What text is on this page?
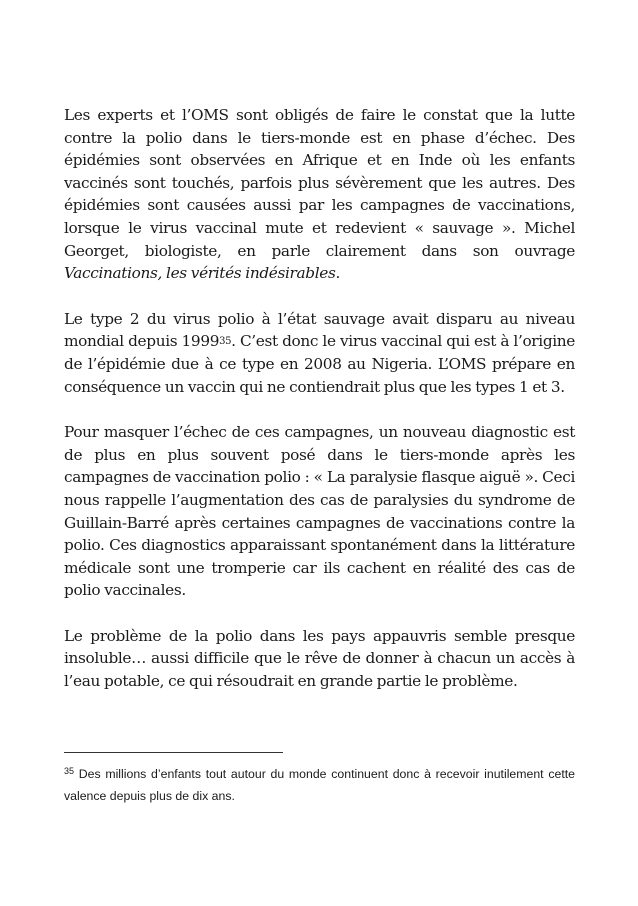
Les experts et l’OMS sont obligés de faire le constat que la lutte contre la polio dans le tiers-monde est en phase d’échec. Des épidémies sont observées en Afrique et en Inde où les enfants vaccinés sont touchés, parfois plus sévèrement que les autres. Des épidémies sont causées aussi par les campagnes de vaccinations, lorsque le virus vaccinal mute et redevient « sauvage ». Michel Georget, biologiste, en parle clairement dans son ouvrage Vaccinations, les vérités indésirables.

Le type 2 du virus polio à l’état sauvage avait disparu au niveau mondial depuis 1999$^{35}$. C’est donc le virus vaccinal qui est à l’origine de l’épidémie due à ce type en 2008 au Nigeria. L’OMS prépare en conséquence un vaccin qui ne contiendrait plus que les types 1 et 3.

Pour masquer l’échec de ces campagnes, un nouveau diagnostic est de plus en plus souvent posé dans le tiers-monde après les campagnes de vaccination polio : « La paralysie flasque aiguë ». Ceci nous rappelle l’augmentation des cas de paralysies du syndrome de Guillain-Barré après certaines campagnes de vaccinations contre la polio. Ces diagnostics apparaissant spontanément dans la littérature médicale sont une tromperie car ils cachent en réalité des cas de polio vaccinales.

Le problème de la polio dans les pays appauvris semble presque insoluble… aussi difficile que le rêve de donner à chacun un accès à l’eau potable, ce qui résoudrait en grande partie le problème.

$^{35}$ Des millions d’enfants tout autour du monde continuent donc à recevoir inutilement cette valence depuis plus de dix ans.
